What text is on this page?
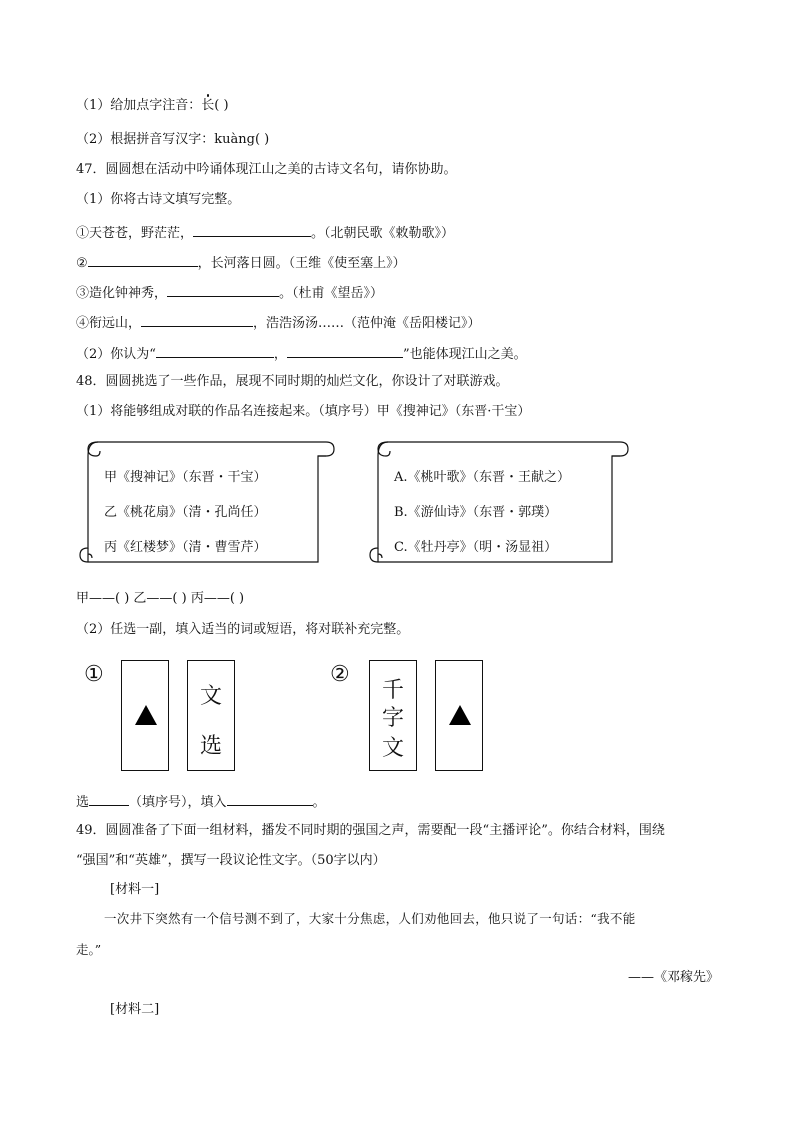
（1）给加点字注音：长( )
（2）根据拼音写汉字：kuàng( )
47．圆圆想在活动中吟诵体现江山之美的古诗文名句，请你协助。
（1）你将古诗文填写完整。
①天苍苍，野茫茫，	。（北朝民歌《敕勒歌》）
②	，长河落日圆。（王维《使至塞上》）
③造化钟神秀，	。（杜甫《望岳》）
④衔远山，	，浩浩汤汤……（范仲淹《岳阳楼记》）
（2）你认为“	，	”也能体现江山之美。
48．圆圆挑选了一些作品，展现不同时期的灿烂文化，你设计了对联游戏。
（1）将能够组成对联的作品名连接起来。（填序号）甲《搜神记》（东晋·干宝）
甲《搜神记》（东晋・干宝）
乙《桃花扇》（清・孔尚任）
丙《红楼梦》（清・曹雪芹）
A.《桃叶歌》（东晋・王献之）
B.《游仙诗》（东晋・郭璞）
C.《牡丹亭》（明・汤显祖）
甲——( ) 乙——( ) 丙——( )
（2）任选一副，填入适当的词或短语，将对联补充完整。
①
文
选
②
千
字
文
选	（填序号），填入	。
49．圆圆准备了下面一组材料，播发不同时期的强国之声，需要配一段“主播评论”。你结合材料，围绕
“强国”和“英雄”，撰写一段议论性文字。（50字以内）
[材料一]
一次井下突然有一个信号测不到了，大家十分焦虑，人们劝他回去，他只说了一句话：“我不能
走。”
——《邓稼先》
[材料二]
